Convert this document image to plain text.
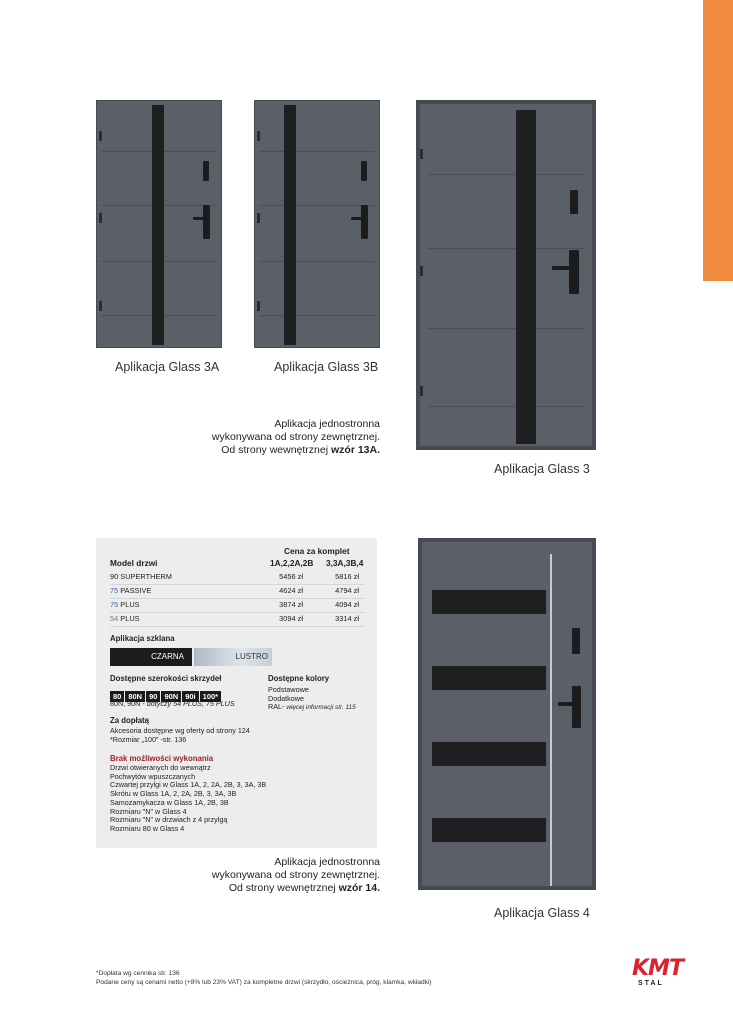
Aplikacja Glass 3A	Aplikacja Glass 3B
Aplikacja Glass 3
Aplikacja jednostronna
wykonywana od strony zewnętrznej.
Od strony wewnętrznej wzór 13A.
Cena za komplet
Model drzwi	1A,2,2A,2B 3,3A,3B,4
90 SUPERTHERM	5456 zł	5816 zł
75 PASSIVE	4624 zł	4794 zł
75 PLUS	3874 zł	4094 zł
54 PLUS	3094 zł	3314 zł
Aplikacja szklana
CZARNA	LUSTRO
Dostępne szerokości skrzydeł
80 80N 90 90N 90i 100*
80N, 90N - dotyczy 54 PLUS, 75 PLUS
Dostępne kolory
Podstawowe
Dodatkowe
RAL- więcej informacji str. 115
Za dopłatą
Akcesoria dostępne wg oferty od strony 124
*Rozmiar „100” -str. 136
Brak możliwości wykonania
Drzwi otwieranych do wewnątrz
Pochwytów wpuszczanych
Czwartej przylgi w Glass 1A, 2, 2A, 2B, 3, 3A, 3B
Skrótu w Glass 1A, 2, 2A, 2B, 3, 3A, 3B
Samozamykacza w Glass 1A, 2B, 3B
Rozmiaru "N" w Glass 4
Rozmiaru "N" w drzwiach z 4 przylgą
Rozmiaru 80 w Glass 4
Aplikacja jednostronna
wykonywana od strony zewnętrznej.
Od strony wewnętrznej wzór 14.
Aplikacja Glass 4
*Dopłata wg cennika str. 136
Podane ceny są cenami netto (+8% lub 23% VAT) za kompletne drzwi (skrzydło, ościeżnica, próg, klamka, wkładki)
KMT
STAL
